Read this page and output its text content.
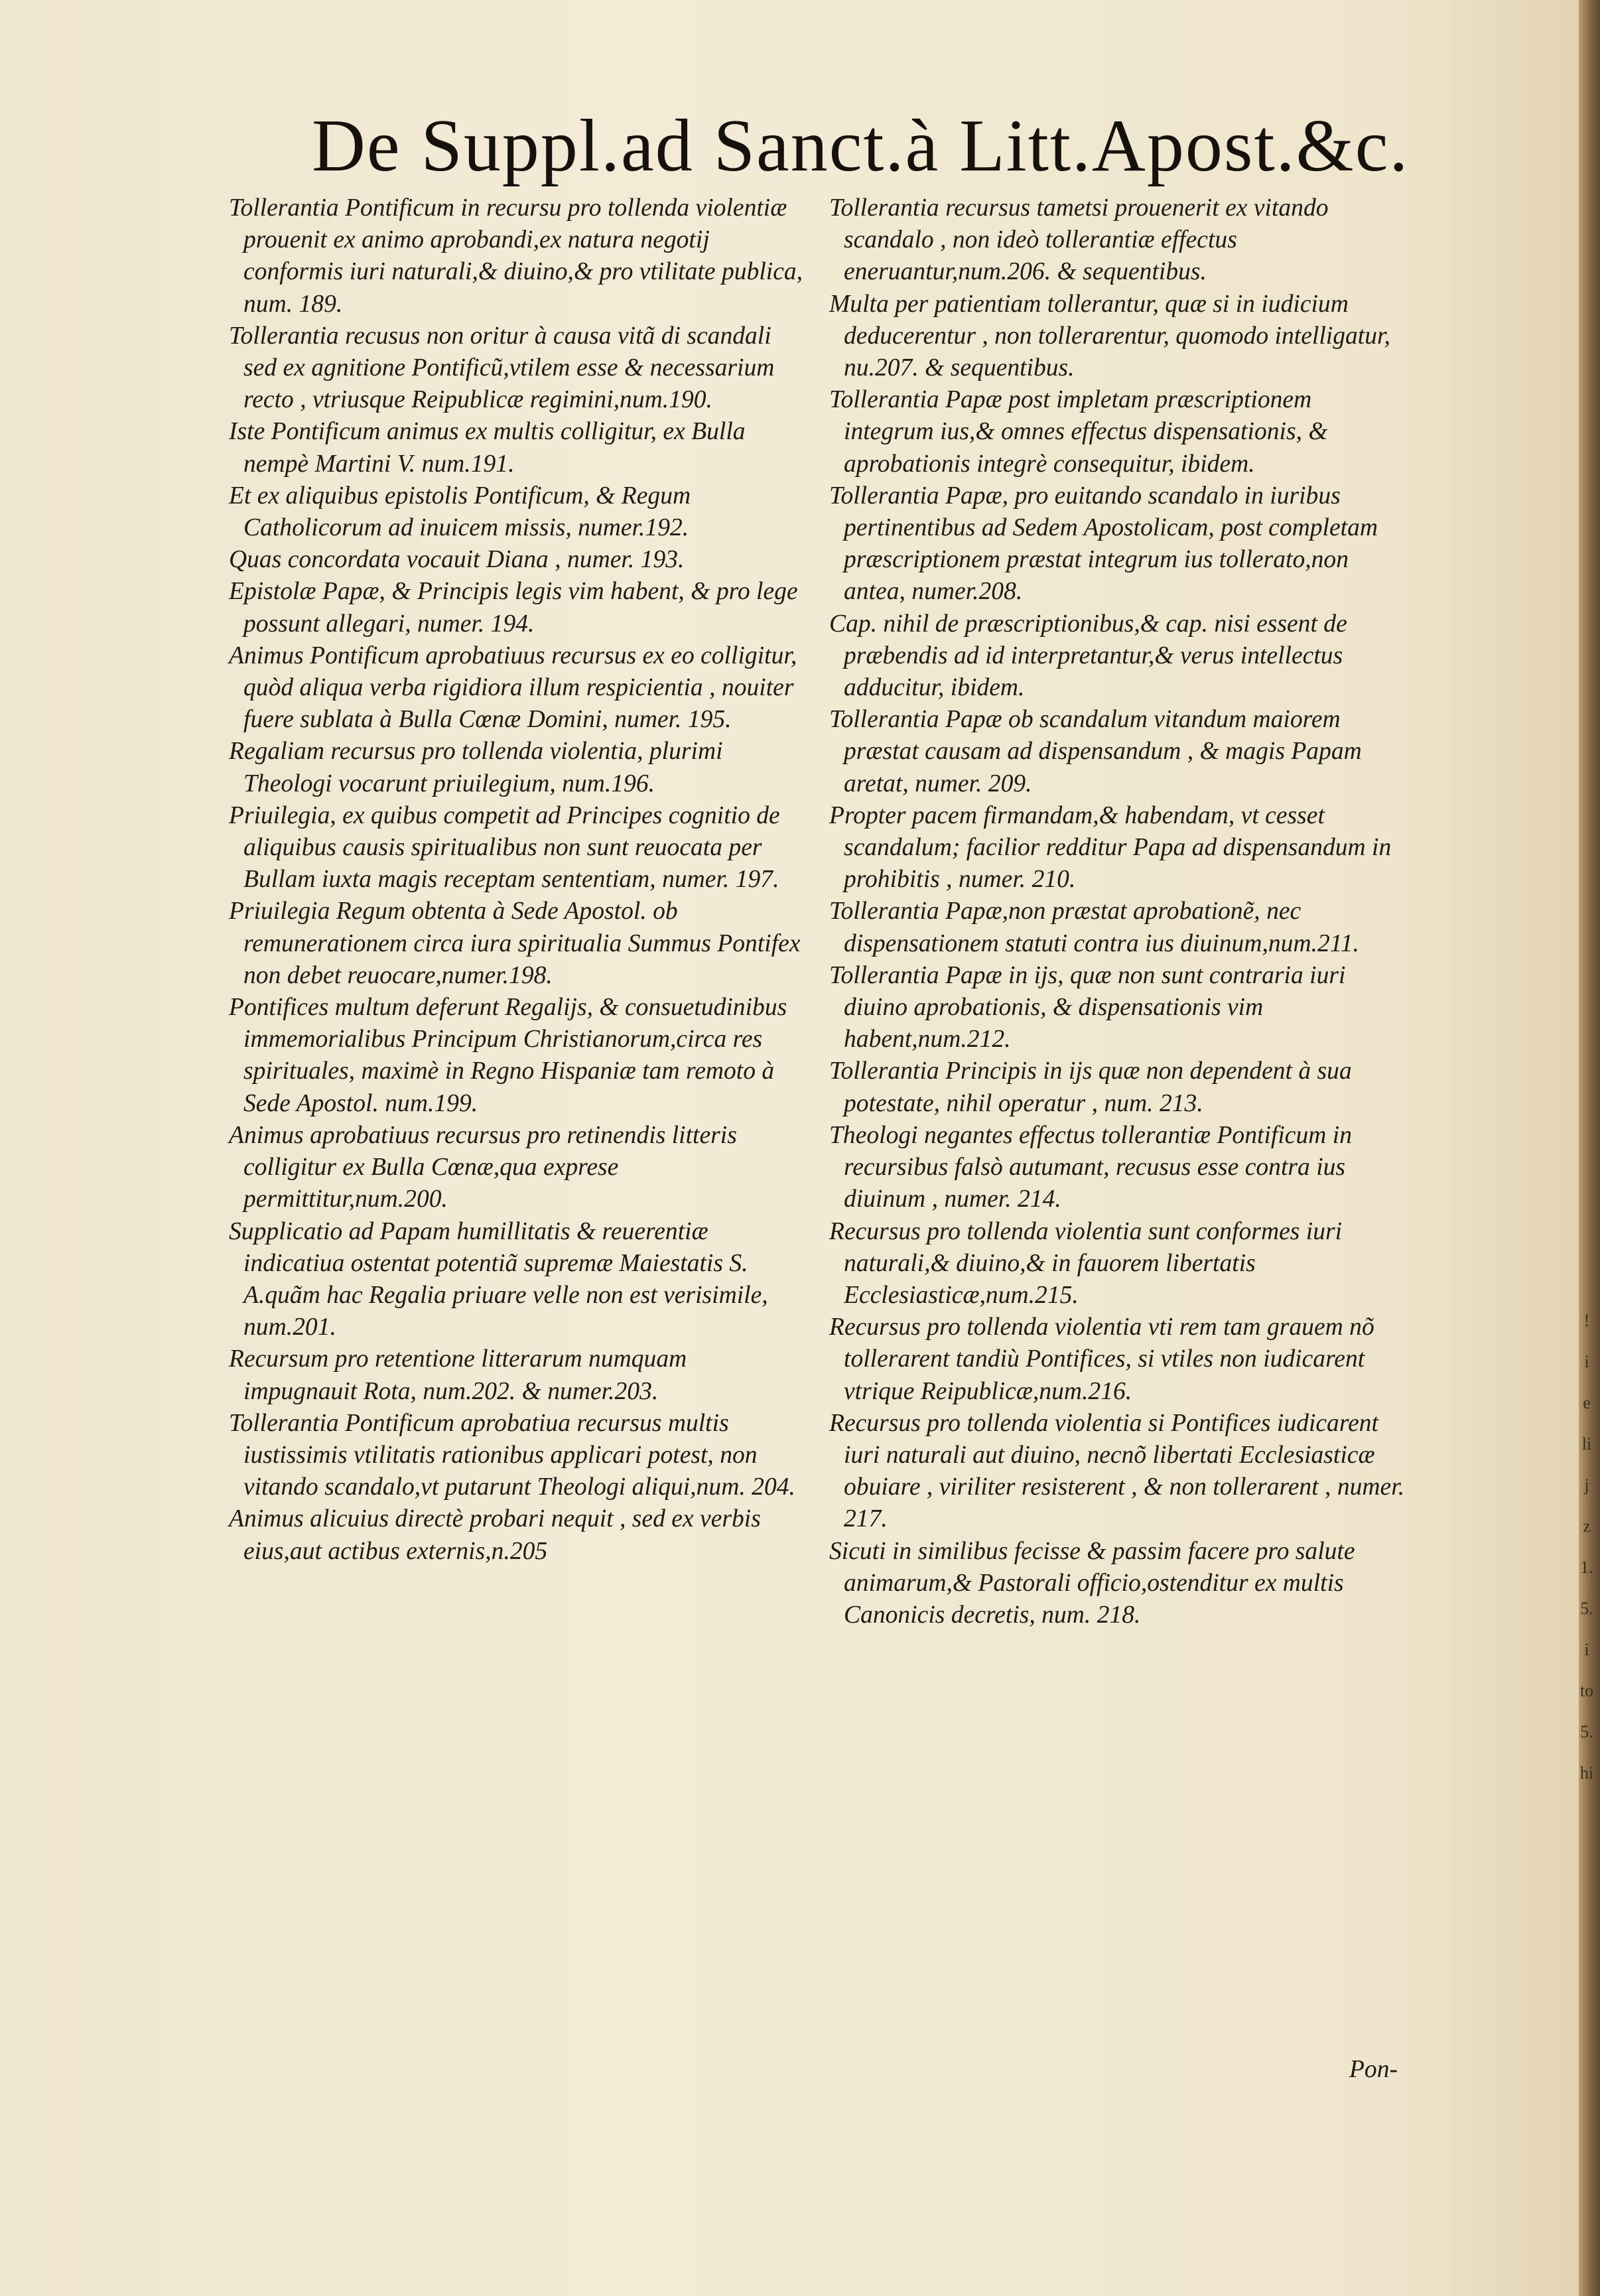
!
i
e
li
j
z
1.
5.
i
to
5.
hi
De Suppl.ad Sanct.à Litt.Apost.&c.

Tollerantia Pontificum in recursu pro tollenda violentiæ prouenit ex animo aprobandi,ex natura negotij conformis iuri naturali,& diuino,& pro vtilitate publica, num. 189.

Tollerantia recusus non oritur à causa vitã di scandali sed ex agnitione Pontificũ,vtilem esse & necessarium recto , vtriusque Reipublicæ regimini,num.190.

Iste Pontificum animus ex multis colligitur, ex Bulla nempè Martini V. num.191.

Et ex aliquibus epistolis Pontificum, & Regum Catholicorum ad inuicem missis, numer.192.

Quas concordata vocauit Diana , numer. 193.

Epistolæ Papæ, & Principis legis vim habent, & pro lege possunt allegari, numer. 194.

Animus Pontificum aprobatiuus recursus ex eo colligitur, quòd aliqua verba rigidiora illum respicientia , nouiter fuere sublata à Bulla Cœnæ Domini, numer. 195.

Regaliam recursus pro tollenda violentia, plurimi Theologi vocarunt priuilegium, num.196.

Priuilegia, ex quibus competit ad Principes cognitio de aliquibus causis spiritualibus non sunt reuocata per Bullam iuxta magis receptam sententiam, numer. 197.

Priuilegia Regum obtenta à Sede Apostol. ob remunerationem circa iura spiritualia Summus Pontifex non debet reuocare,numer.198.

Pontifices multum deferunt Regalijs, & consuetudinibus immemorialibus Principum Christianorum,circa res spirituales, maximè in Regno Hispaniæ tam remoto à Sede Apostol. num.199.

Animus aprobatiuus recursus pro retinendis litteris colligitur ex Bulla Cœnæ,qua exprese permittitur,num.200.

Supplicatio ad Papam humillitatis & reuerentiæ indicatiua ostentat potentiã supremæ Maiestatis S. A.quãm hac Regalia priuare velle non est verisimile, num.201.

Recursum pro retentione litterarum numquam impugnauit Rota, num.202. & numer.203.

Tollerantia Pontificum aprobatiua recursus multis iustissimis vtilitatis rationibus applicari potest, non vitando scandalo,vt putarunt Theologi aliqui,num. 204.

Animus alicuius directè probari nequit , sed ex verbis eius,aut actibus externis,n.205

Tollerantia recursus tametsi prouenerit ex vitando scandalo , non ideò tollerantiæ effectus eneruantur,num.206. & sequentibus.

Multa per patientiam tollerantur, quæ si in iudicium deducerentur , non tollerarentur, quomodo intelligatur, nu.207. & sequentibus.

Tollerantia Papæ post impletam præscriptionem integrum ius,& omnes effectus dispensationis, & aprobationis integrè consequitur, ibidem.

Tollerantia Papæ, pro euitando scandalo in iuribus pertinentibus ad Sedem Apostolicam, post completam præscriptionem præstat integrum ius tollerato,non antea, numer.208.

Cap. nihil de præscriptionibus,& cap. nisi essent de præbendis ad id interpretantur,& verus intellectus adducitur, ibidem.

Tollerantia Papæ ob scandalum vitandum maiorem præstat causam ad dispensandum , & magis Papam aretat, numer. 209.

Propter pacem firmandam,& habendam, vt cesset scandalum; facilior redditur Papa ad dispensandum in prohibitis , numer. 210.

Tollerantia Papæ,non præstat aprobationẽ, nec dispensationem statuti contra ius diuinum,num.211.

Tollerantia Papæ in ijs, quæ non sunt contraria iuri diuino aprobationis, & dispensationis vim habent,num.212.

Tollerantia Principis in ijs quæ non dependent à sua potestate, nihil operatur , num. 213.

Theologi negantes effectus tollerantiæ Pontificum in recursibus falsò autumant, recusus esse contra ius diuinum , numer. 214.

Recursus pro tollenda violentia sunt conformes iuri naturali,& diuino,& in fauorem libertatis Ecclesiasticæ,num.215.

Recursus pro tollenda violentia vti rem tam grauem nõ tollerarent tandiù Pontifices, si vtiles non iudicarent vtrique Reipublicæ,num.216.

Recursus pro tollenda violentia si Pontifices iudicarent iuri naturali aut diuino, necnõ libertati Ecclesiasticæ obuiare , viriliter resisterent , & non tollerarent , numer. 217.

Sicuti in similibus fecisse & passim facere pro salute animarum,& Pastorali officio,ostenditur ex multis Canonicis decretis, num. 218.

Pon-
